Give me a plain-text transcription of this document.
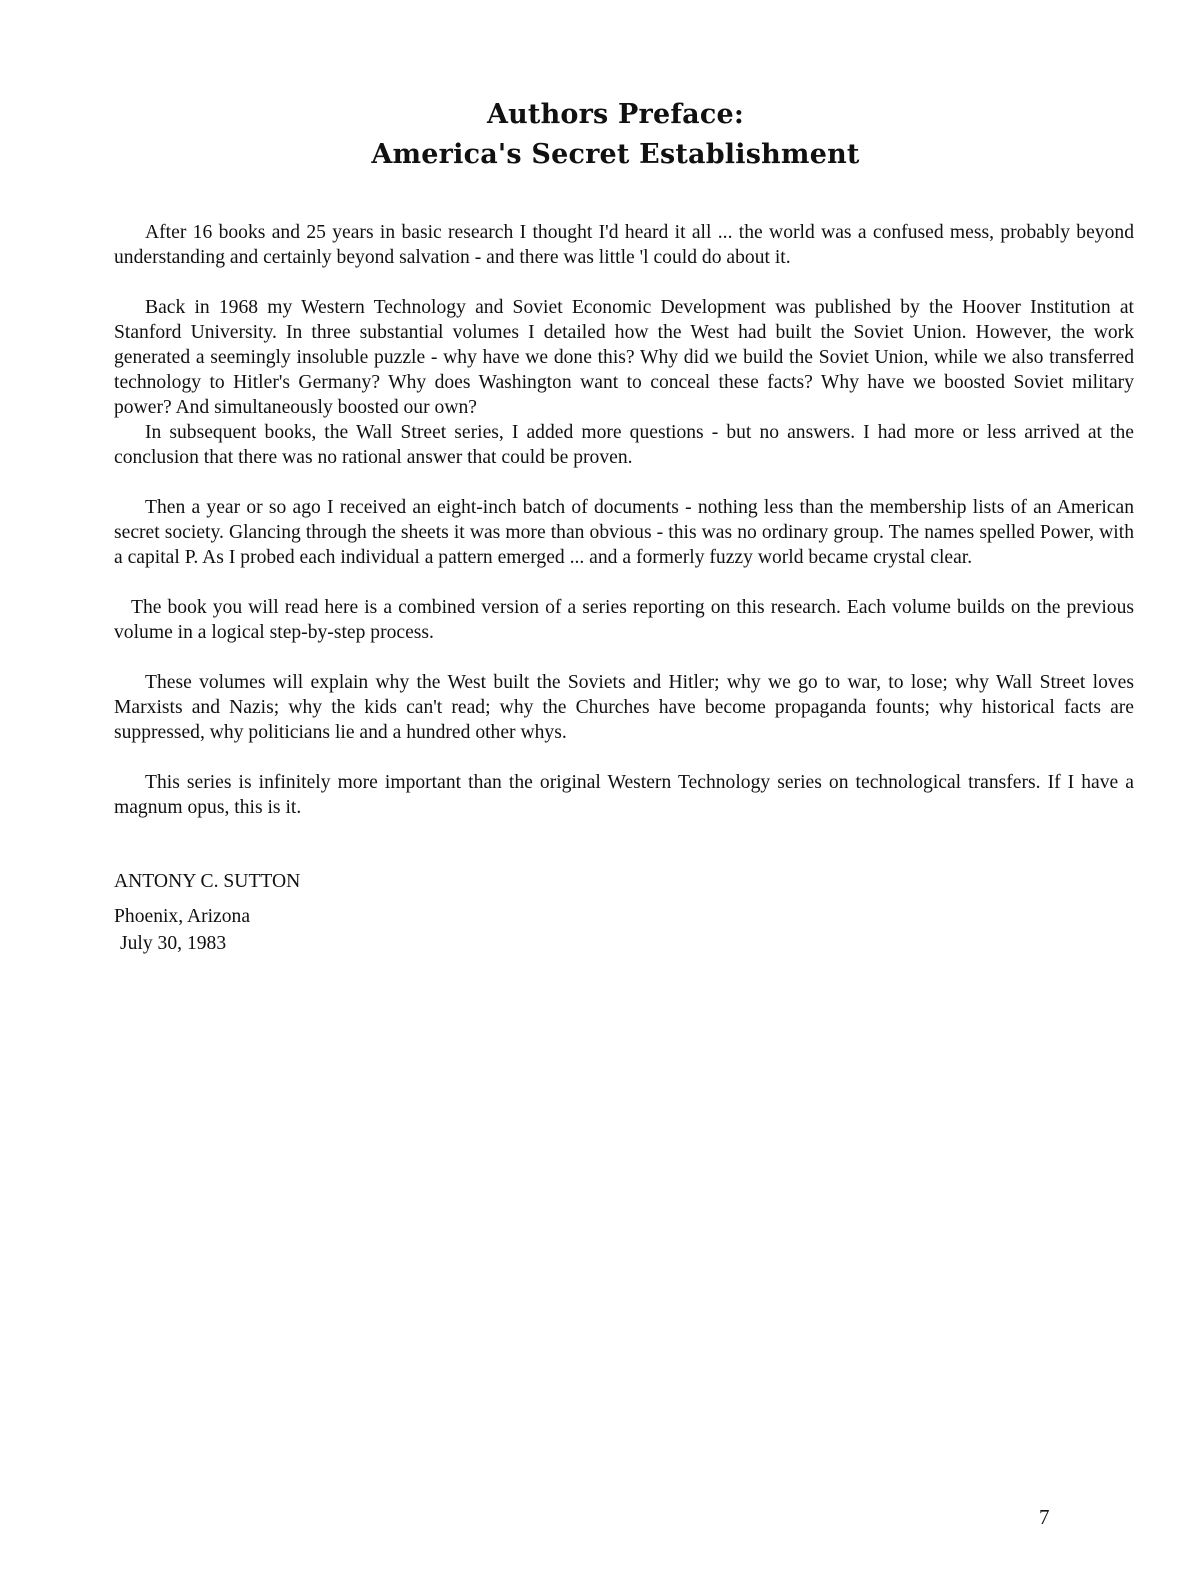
Authors Preface:
America's Secret Establishment

After 16 books and 25 years in basic research I thought I'd heard it all ... the world was a confused mess, probably beyond understanding and certainly beyond salvation - and there was little 'l could do about it.

Back in 1968 my Western Technology and Soviet Economic Development was published by the Hoover Institution at Stanford University. In three substantial volumes I detailed how the West had built the Soviet Union. However, the work generated a seemingly insoluble puzzle - why have we done this? Why did we build the Soviet Union, while we also transferred technology to Hitler's Germany? Why does Washington want to conceal these facts? Why have we boosted Soviet military power? And simultaneously boosted our own?

In subsequent books, the Wall Street series, I added more questions - but no answers. I had more or less arrived at the conclusion that there was no rational answer that could be proven.

Then a year or so ago I received an eight-inch batch of documents - nothing less than the membership lists of an American secret society. Glancing through the sheets it was more than obvious - this was no ordinary group. The names spelled Power, with a capital P. As I probed each individual a pattern emerged ... and a formerly fuzzy world became crystal clear.

The book you will read here is a combined version of a series reporting on this research. Each volume builds on the previous volume in a logical step-by-step process.

These volumes will explain why the West built the Soviets and Hitler; why we go to war, to lose; why Wall Street loves Marxists and Nazis; why the kids can't read; why the Churches have become propaganda founts; why historical facts are suppressed, why politicians lie and a hundred other whys.

This series is infinitely more important than the original Western Technology series on technological transfers. If I have a magnum opus, this is it.

ANTONY C. SUTTON

Phoenix, Arizona

July 30, 1983

7
